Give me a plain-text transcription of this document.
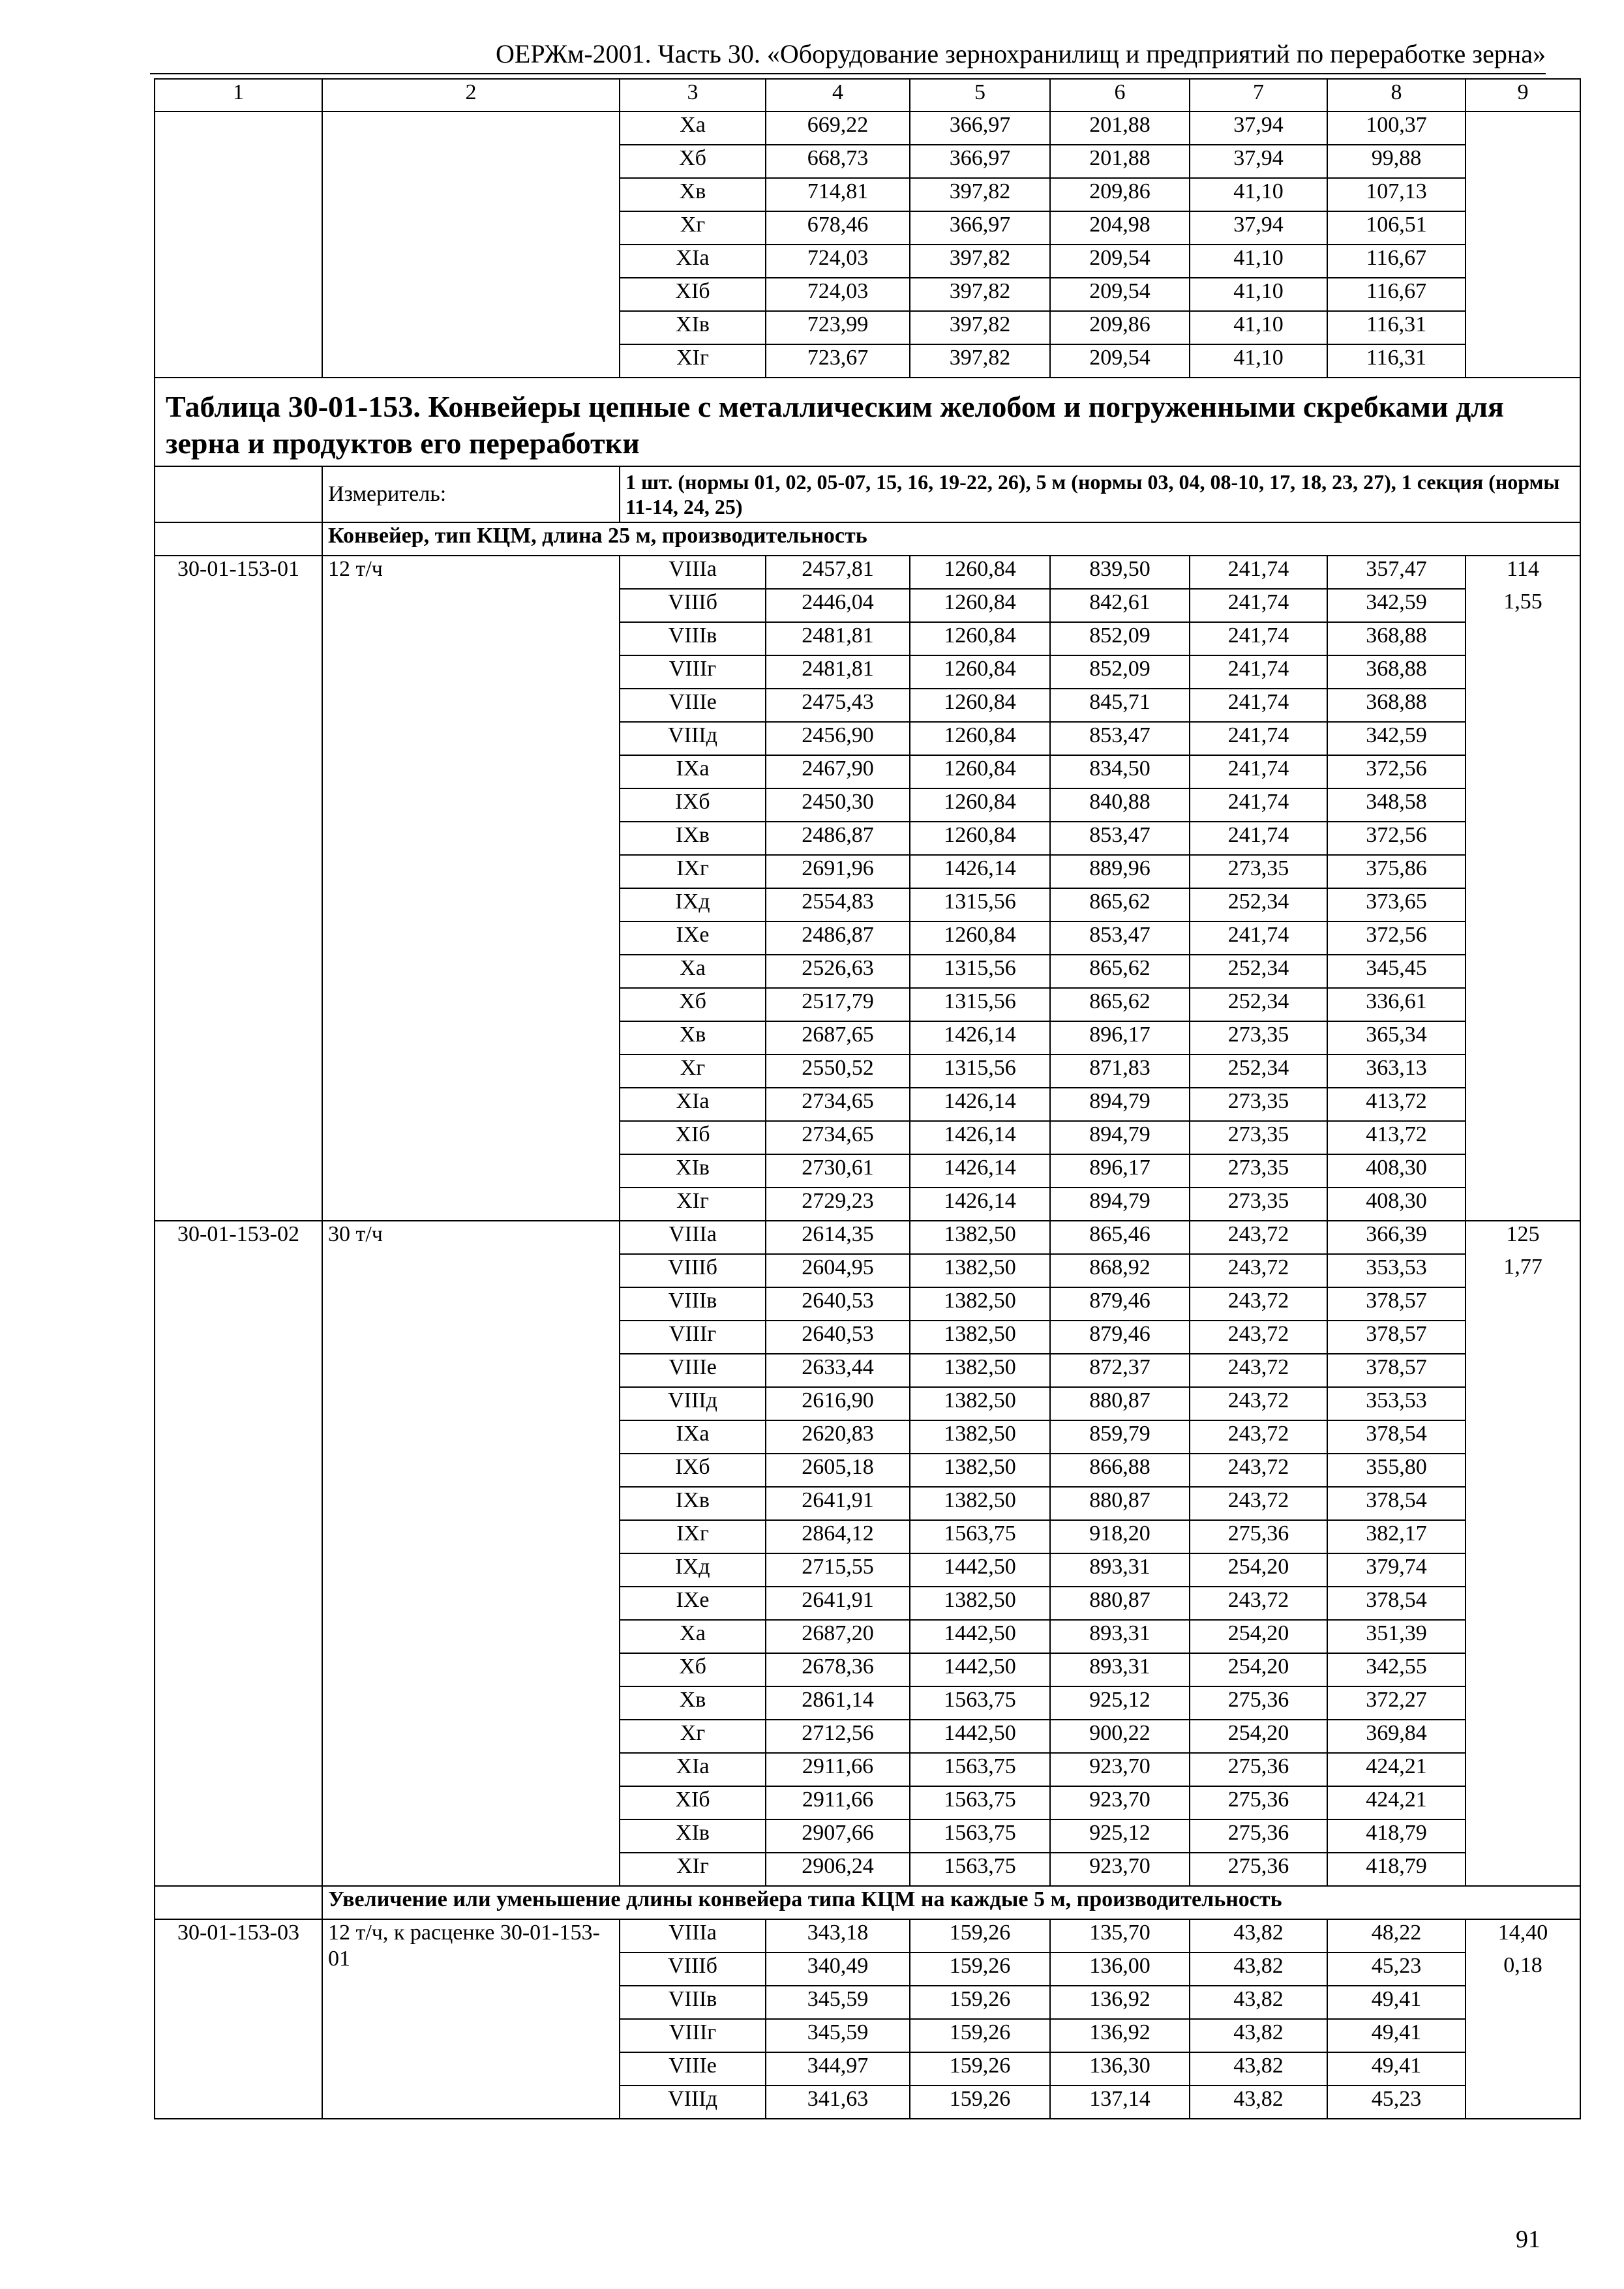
ОЕРЖм-2001. Часть 30. «Оборудование зернохранилищ и предприятий по переработке зерна»
1	2	3	4	5	6	7	8	9
		Xa	669,22	366,97	201,88	37,94	100,37	
		Xб	668,73	366,97	201,88	37,94	99,88	
		Xв	714,81	397,82	209,86	41,10	107,13	
		Xг	678,46	366,97	204,98	37,94	106,51	
		XIa	724,03	397,82	209,54	41,10	116,67	
		XIб	724,03	397,82	209,54	41,10	116,67	
		XIв	723,99	397,82	209,86	41,10	116,31	
		XIг	723,67	397,82	209,54	41,10	116,31	
Таблица 30-01-153. Конвейеры цепные с металлическим желобом и погруженными скребками для зерна и продуктов его переработки								
	Измеритель:	1 шт. (нормы 01, 02, 05-07, 15, 16, 19-22, 26), 5 м (нормы 03, 04, 08-10, 17, 18, 23, 27), 1 секция (нормы 11-14, 24, 25)						
	Конвейер, тип КЦМ, длина 25 м, производительность							
30-01-153-01	12 т/ч	VIIIa	2457,81	1260,84	839,50	241,74	357,47	114
		VIIIб	2446,04	1260,84	842,61	241,74	342,59	1,55
		VIIIв	2481,81	1260,84	852,09	241,74	368,88	
		VIIIг	2481,81	1260,84	852,09	241,74	368,88	
		VIIIe	2475,43	1260,84	845,71	241,74	368,88	
		VIIIд	2456,90	1260,84	853,47	241,74	342,59	
		IXa	2467,90	1260,84	834,50	241,74	372,56	
		IXб	2450,30	1260,84	840,88	241,74	348,58	
		IXв	2486,87	1260,84	853,47	241,74	372,56	
		IXг	2691,96	1426,14	889,96	273,35	375,86	
		IXд	2554,83	1315,56	865,62	252,34	373,65	
		IXe	2486,87	1260,84	853,47	241,74	372,56	
		Xa	2526,63	1315,56	865,62	252,34	345,45	
		Xб	2517,79	1315,56	865,62	252,34	336,61	
		Xв	2687,65	1426,14	896,17	273,35	365,34	
		Xг	2550,52	1315,56	871,83	252,34	363,13	
		XIa	2734,65	1426,14	894,79	273,35	413,72	
		XIб	2734,65	1426,14	894,79	273,35	413,72	
		XIв	2730,61	1426,14	896,17	273,35	408,30	
		XIг	2729,23	1426,14	894,79	273,35	408,30	
30-01-153-02	30 т/ч	VIIIa	2614,35	1382,50	865,46	243,72	366,39	125
		VIIIб	2604,95	1382,50	868,92	243,72	353,53	1,77
		VIIIв	2640,53	1382,50	879,46	243,72	378,57	
		VIIIг	2640,53	1382,50	879,46	243,72	378,57	
		VIIIe	2633,44	1382,50	872,37	243,72	378,57	
		VIIIд	2616,90	1382,50	880,87	243,72	353,53	
		IXa	2620,83	1382,50	859,79	243,72	378,54	
		IXб	2605,18	1382,50	866,88	243,72	355,80	
		IXв	2641,91	1382,50	880,87	243,72	378,54	
		IXг	2864,12	1563,75	918,20	275,36	382,17	
		IXд	2715,55	1442,50	893,31	254,20	379,74	
		IXe	2641,91	1382,50	880,87	243,72	378,54	
		Xa	2687,20	1442,50	893,31	254,20	351,39	
		Xб	2678,36	1442,50	893,31	254,20	342,55	
		Xв	2861,14	1563,75	925,12	275,36	372,27	
		Xг	2712,56	1442,50	900,22	254,20	369,84	
		XIa	2911,66	1563,75	923,70	275,36	424,21	
		XIб	2911,66	1563,75	923,70	275,36	424,21	
		XIв	2907,66	1563,75	925,12	275,36	418,79	
		XIг	2906,24	1563,75	923,70	275,36	418,79	
	Увеличение или уменьшение длины конвейера типа КЦМ на каждые 5 м, производительность							
30-01-153-03	12 т/ч, к расценке 30-01-153-01	VIIIa	343,18	159,26	135,70	43,82	48,22	14,40
		VIIIб	340,49	159,26	136,00	43,82	45,23	0,18
		VIIIв	345,59	159,26	136,92	43,82	49,41	
		VIIIг	345,59	159,26	136,92	43,82	49,41	
		VIIIe	344,97	159,26	136,30	43,82	49,41	
		VIIIд	341,63	159,26	137,14	43,82	45,23	
91
